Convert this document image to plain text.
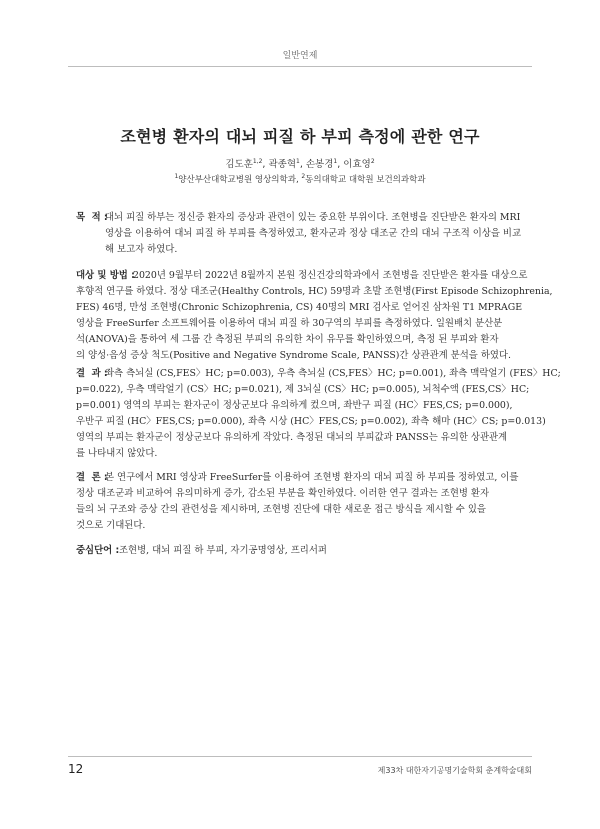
일반연제
조현병 환자의 대뇌 피질 하 부피 측정에 관한 연구
김도훈$^{1,2}$, 곽종혁$^1$, 손봉경$^1$, 이효영$^2$
$^1$양산부산대학교병원 영상의학과, $^2$동의대학교 대학원 보건의과학과
목  적 :
대뇌 피질 하부는 정신증 환자의 증상과 관련이 있는 중요한 부위이다. 조현병을 진단받은 환자의 MRI
영상을 이용하여 대뇌 피질 하 부피를 측정하였고, 환자군과 정상 대조군 간의 대뇌 구조적 이상을 비교
해 보고자 하였다.
대상 및 방법 :
2020년 9월부터 2022년 8월까지 본원 정신건강의학과에서 조현병을 진단받은 환자를 대상으로
후향적 연구를 하였다. 정상 대조군(Healthy Controls, HC) 59명과 초발 조현병(First Episode Schizophrenia,
FES) 46명, 만성 조현병(Chronic Schizophrenia, CS) 40명의 MRI 검사로 얻어진 삼차원 T1 MPRAGE
영상을 FreeSurfer 소프트웨어를 이용하여 대뇌 피질 하 30구역의 부피를 측정하였다. 일원배치 분산분
석(ANOVA)을 통하여 세 그룹 간 측정된 부피의 유의한 차이 유무를 확인하였으며, 측정 된 부피와 환자
의 양성·음성 증상 척도(Positive and Negative Syndrome Scale, PANSS)간 상관관계 분석을 하였다.
결  과 :
좌측 측뇌실 (CS,FES〉HC; p=0.003), 우측 측뇌실 (CS,FES〉HC; p=0.001), 좌측 맥락얼기 (FES〉HC;
p=0.022), 우측 맥락얼기 (CS〉HC; p=0.021), 제 3뇌실 (CS〉HC; p=0.005), 뇌척수액 (FES,CS〉HC;
p=0.001) 영역의 부피는 환자군이 정상군보다 유의하게 컸으며, 좌반구 피질 (HC〉FES,CS; p=0.000),
우반구 피질 (HC〉FES,CS; p=0.000), 좌측 시상 (HC〉FES,CS; p=0.002), 좌측 해마 (HC〉CS; p=0.013)
영역의 부피는 환자군이 정상군보다 유의하게 작았다. 측정된 대뇌의 부피값과 PANSS는 유의한 상관관계
를 나타내지 않았다.
결  론 :
본 연구에서 MRI 영상과 FreeSurfer를 이용하여 조현병 환자의 대뇌 피질 하 부피를 정하였고, 이를
정상 대조군과 비교하여 유의미하게 증가, 감소된 부분을 확인하였다. 이러한 연구 결과는 조현병 환자
들의 뇌 구조와 증상 간의 관련성을 제시하며, 조현병 진단에 대한 새로운 접근 방식을 제시할 수 있을
것으로 기대된다.
중심단어 : 조현병, 대뇌 피질 하 부피, 자기공명영상, 프리서퍼
12	제33차 대한자기공명기술학회 춘계학술대회
